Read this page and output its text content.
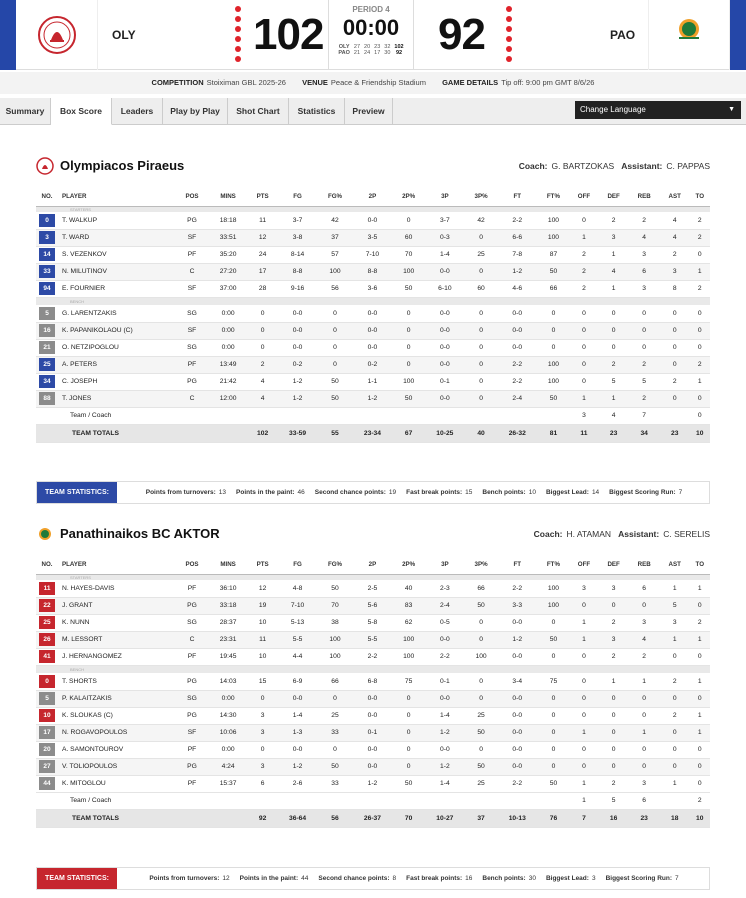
OLY	102
PERIOD 4
00:00
OLY	27	20	23	32	102
PAO	21	24	17	30	92 92	PAO
COMPETITION Stoiximan GBL 2025-26 VENUE Peace & Friendship Stadium GAME DETAILS Tip off: 9:00 pm GMT 8/6/26
Summary	Box Score	Leaders	Play by Play	Shot Chart	Statistics	Preview	Change Language	▼
Olympiacos Piraeus	Coach: G. BARTZOKAS Assistant: C. PAPPAS
NO.	PLAYER	POS	MINS	PTS	FG	FG%	2P	2P%	3P	3P%	FT	FT%	OFF	DEF	REB	AST	TO
STARTERS																	
0	T. WALKUP	PG	18:18	11	3-7	42	0-0	0	3-7	42	2-2	100	0	2	2	4	2
3	T. WARD	SF	33:51	12	3-8	37	3-5	60	0-3	0	6-6	100	1	3	4	4	2
14	S. VEZENKOV	PF	35:20	24	8-14	57	7-10	70	1-4	25	7-8	87	2	1	3	2	0
33	N. MILUTINOV	C	27:20	17	8-8	100	8-8	100	0-0	0	1-2	50	2	4	6	3	1
94	E. FOURNIER	SF	37:00	28	9-16	56	3-6	50	6-10	60	4-6	66	2	1	3	8	2
BENCH																	
5	G. LARENTZAKIS	SG	0:00	0	0-0	0	0-0	0	0-0	0	0-0	0	0	0	0	0	0
16	K. PAPANIKOLAOU (C)	SF	0:00	0	0-0	0	0-0	0	0-0	0	0-0	0	0	0	0	0	0
21	O. NETZIPOGLOU	SG	0:00	0	0-0	0	0-0	0	0-0	0	0-0	0	0	0	0	0	0
25	A. PETERS	PF	13:49	2	0-2	0	0-2	0	0-0	0	2-2	100	0	2	2	0	2
34	C. JOSEPH	PG	21:42	4	1-2	50	1-1	100	0-1	0	2-2	100	0	5	5	2	1
88	T. JONES	C	12:00	4	1-2	50	1-2	50	0-0	0	2-4	50	1	1	2	0	0
	Team / Coach												3	4	7		0
TEAM TOTALS				102	33-59	55	23-34	67	10-25	40	26-32	81	11	23	34	23	10
TEAM STATISTICS:	Points from turnovers: 13 Points in the paint: 46 Second chance points: 19 Fast break points: 15 Bench points: 10 Biggest Lead: 14 Biggest Scoring Run: 7
Panathinaikos BC AKTOR	Coach: H. ATAMAN Assistant: C. SERELIS
NO.	PLAYER	POS	MINS	PTS	FG	FG%	2P	2P%	3P	3P%	FT	FT%	OFF	DEF	REB	AST	TO
STARTERS																	
11	N. HAYES-DAVIS	PF	36:10	12	4-8	50	2-5	40	2-3	66	2-2	100	3	3	6	1	1
22	J. GRANT	PG	33:18	19	7-10	70	5-6	83	2-4	50	3-3	100	0	0	0	5	0
25	K. NUNN	SG	28:37	10	5-13	38	5-8	62	0-5	0	0-0	0	1	2	3	3	2
26	M. LESSORT	C	23:31	11	5-5	100	5-5	100	0-0	0	1-2	50	1	3	4	1	1
41	J. HERNANGOMEZ	PF	19:45	10	4-4	100	2-2	100	2-2	100	0-0	0	0	2	2	0	0
BENCH																	
0	T. SHORTS	PG	14:03	15	6-9	66	6-8	75	0-1	0	3-4	75	0	1	1	2	1
5	P. KALAITZAKIS	SG	0:00	0	0-0	0	0-0	0	0-0	0	0-0	0	0	0	0	0	0
10	K. SLOUKAS (C)	PG	14:30	3	1-4	25	0-0	0	1-4	25	0-0	0	0	0	0	2	1
17	N. ROGAVOPOULOS	SF	10:06	3	1-3	33	0-1	0	1-2	50	0-0	0	1	0	1	0	1
20	A. SAMONTOUROV	PF	0:00	0	0-0	0	0-0	0	0-0	0	0-0	0	0	0	0	0	0
27	V. TOLIOPOULOS	PG	4:24	3	1-2	50	0-0	0	1-2	50	0-0	0	0	0	0	0	0
44	K. MITOGLOU	PF	15:37	6	2-6	33	1-2	50	1-4	25	2-2	50	1	2	3	1	0
	Team / Coach												1	5	6		2
TEAM TOTALS				92	36-64	56	26-37	70	10-27	37	10-13	76	7	16	23	18	10
TEAM STATISTICS:	Points from turnovers: 12 Points in the paint: 44 Second chance points: 8 Fast break points: 16 Bench points: 30 Biggest Lead: 3 Biggest Scoring Run: 7
